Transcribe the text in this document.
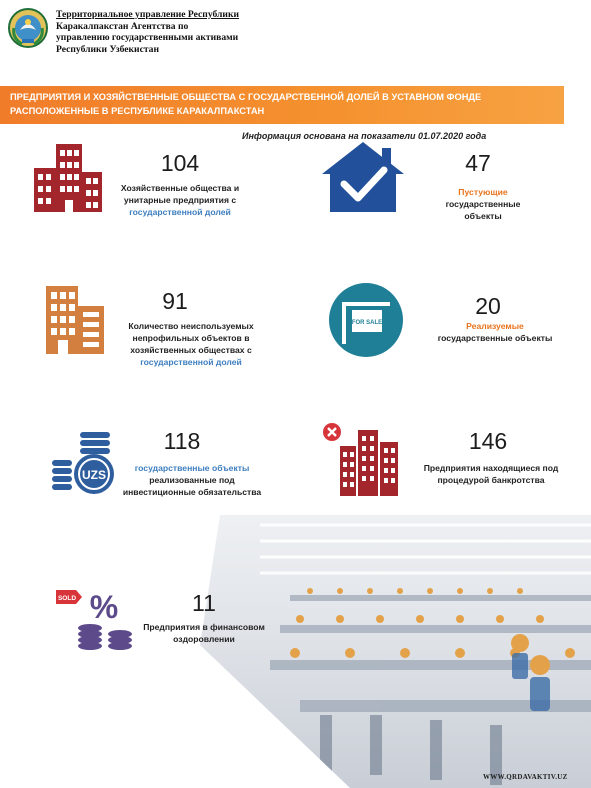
Территориальное управление Республики
Каракалпакстан Агентства по
управлению государственными активами
Республики Узбекистан
ПРЕДПРИЯТИЯ И ХОЗЯЙСТВЕННЫЕ ОБЩЕСТВА С ГОСУДАРСТВЕННОЙ ДОЛЕЙ В УСТАВНОМ ФОНДЕ
РАСПОЛОЖЕННЫЕ В РЕСПУБЛИКЕ КАРАКАЛПАКСТАН
Информация основана на показатели 01.07.2020 года
104
Хозяйственные общества и
унитарные предприятия с
государственной долей
47
Пустующие
государственные
объекты
91
Количество неиспользуемых
непрофильных объектов в
хозяйственных обществах с
государственной долей
FOR SALE
20
Реализуемые
государственные объекты
UZS
118
государственные объекты
реализованные под
инвестиционные обязательства
146
Предприятия находящиеся под
процедурой банкротства
SOLD %	11
Предприятия в финансовом
оздоровлении
WWW.QRDAVAKTIV.UZ
